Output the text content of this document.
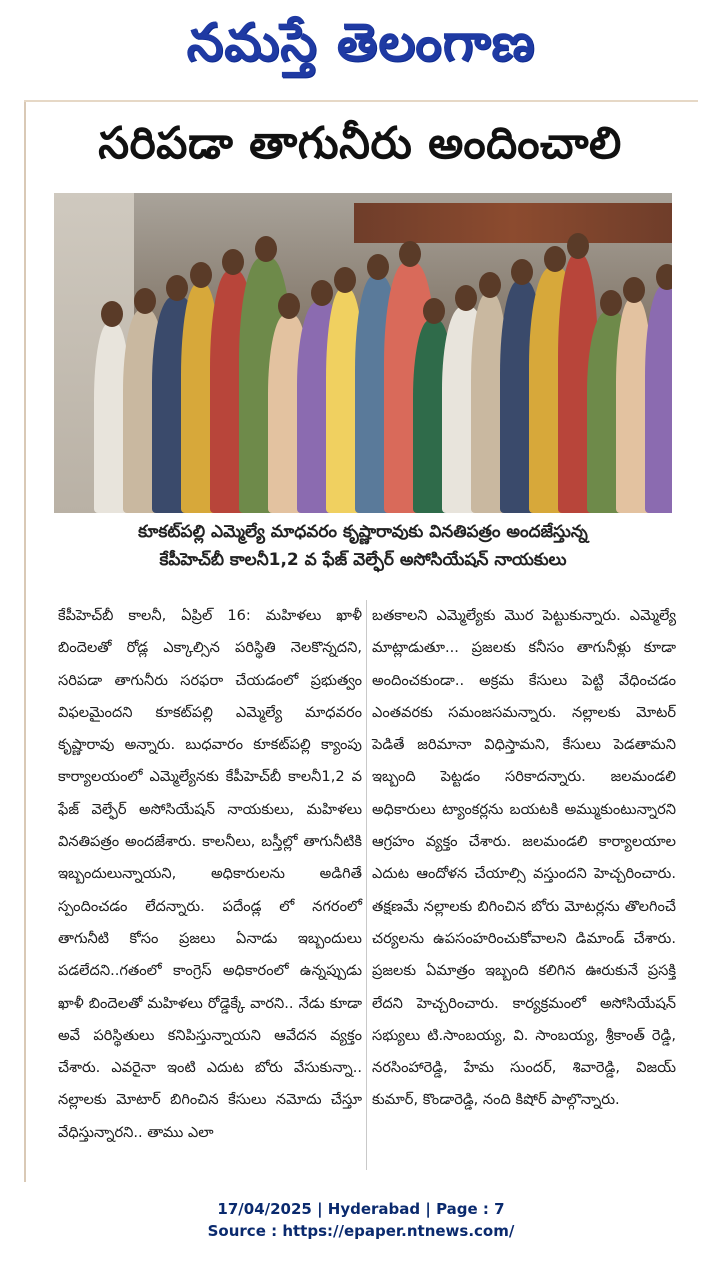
నమస్తే తెలంగాణ
సరిపడా తాగునీరు అందించాలి
కూకట్‌పల్లి ఎమ్మెల్యే మాధవరం కృష్ణారావుకు వినతిపత్రం అందజేస్తున్న
కేపీహెచ్‌బీ కాలనీ1,2 వ ఫేజ్ వెల్ఫేర్ అసోసియేషన్ నాయకులు

కేపీహెచ్‌బీ కాలనీ, ఏప్రిల్ 16: మహిళలు ఖాళీ బిందెలతో రోడ్ల ఎక్కాల్సిన పరిస్థితి నెలకొన్నదని, సరిపడా తాగునీరు సరఫరా చేయడంలో ప్రభుత్వం విఫలమైందని కూకట్‌పల్లి ఎమ్మెల్యే మాధవరం కృష్ణారావు అన్నారు. బుధవారం కూకట్‌పల్లి క్యాంపు కార్యాలయంలో ఎమ్మెల్యేనకు కేపీహెచ్‌బీ కాలనీ1,2 వ ఫేజ్ వెల్ఫేర్ అసోసియేషన్ నాయకులు, మహిళలు వినతిపత్రం అందజేశారు. కాలనీలు, బస్తీల్లో తాగునీటికి ఇబ్బందులున్నాయని, అధికారులను అడిగితే స్పందించడం లేదన్నారు. పదేండ్ల లో నగరంలో తాగునీటి కోసం ప్రజలు ఏనాడు ఇబ్బందులు పడలేదని..గతంలో కాంగ్రెస్ అధికారంలో ఉన్నప్పుడు ఖాళీ బిందెలతో మహిళలు రోడ్డెక్కే వారని.. నేడు కూడా అవే పరిస్థితులు కనిపిస్తున్నాయని ఆవేదన వ్యక్తం చేశారు. ఎవరైనా ఇంటి ఎదుట బోరు వేసుకున్నా.. నల్లాలకు మోటార్ బిగించిన కేసులు నమోదు చేస్తూ వేధిస్తున్నారని.. తాము ఎలా

బతకాలని ఎమ్మెల్యేకు మొర పెట్టుకున్నారు. ఎమ్మెల్యే మాట్లాడుతూ... ప్రజలకు కనీసం తాగునీళ్లు కూడా అందించకుండా.. అక్రమ కేసులు పెట్టి వేధించడం ఎంతవరకు సమంజసమన్నారు. నల్లాలకు మోటర్ పెడితే జరిమానా విధిస్తామని, కేసులు పెడతామని ఇబ్బంది పెట్టడం సరికాదన్నారు. జలమండలి అధికారులు ట్యాంకర్లను బయటకి అమ్ముకుంటున్నారని ఆగ్రహం వ్యక్తం చేశారు. జలమండలి కార్యాలయాల ఎదుట ఆందోళన చేయాల్సి వస్తుందని హెచ్చరించారు. తక్షణమే నల్లాలకు బిగించిన బోరు మోటర్లను తొలగించే చర్యలను ఉపసంహరించుకోవాలని డిమాండ్ చేశారు. ప్రజలకు ఏమాత్రం ఇబ్బంది కలిగిన ఊరుకునే ప్రసక్తి లేదని హెచ్చరించారు. కార్యక్రమంలో అసోసియేషన్ సభ్యులు టి.సాంబయ్య, వి. సాంబయ్య, శ్రీకాంత్ రెడ్డి, నరసింహారెడ్డి, హేమ సుందర్, శివారెడ్డి, విజయ్ కుమార్, కొండారెడ్డి, నంది కిషోర్ పాల్గొన్నారు.

17/04/2025 | Hyderabad | Page : 7
Source : https://epaper.ntnews.com/
